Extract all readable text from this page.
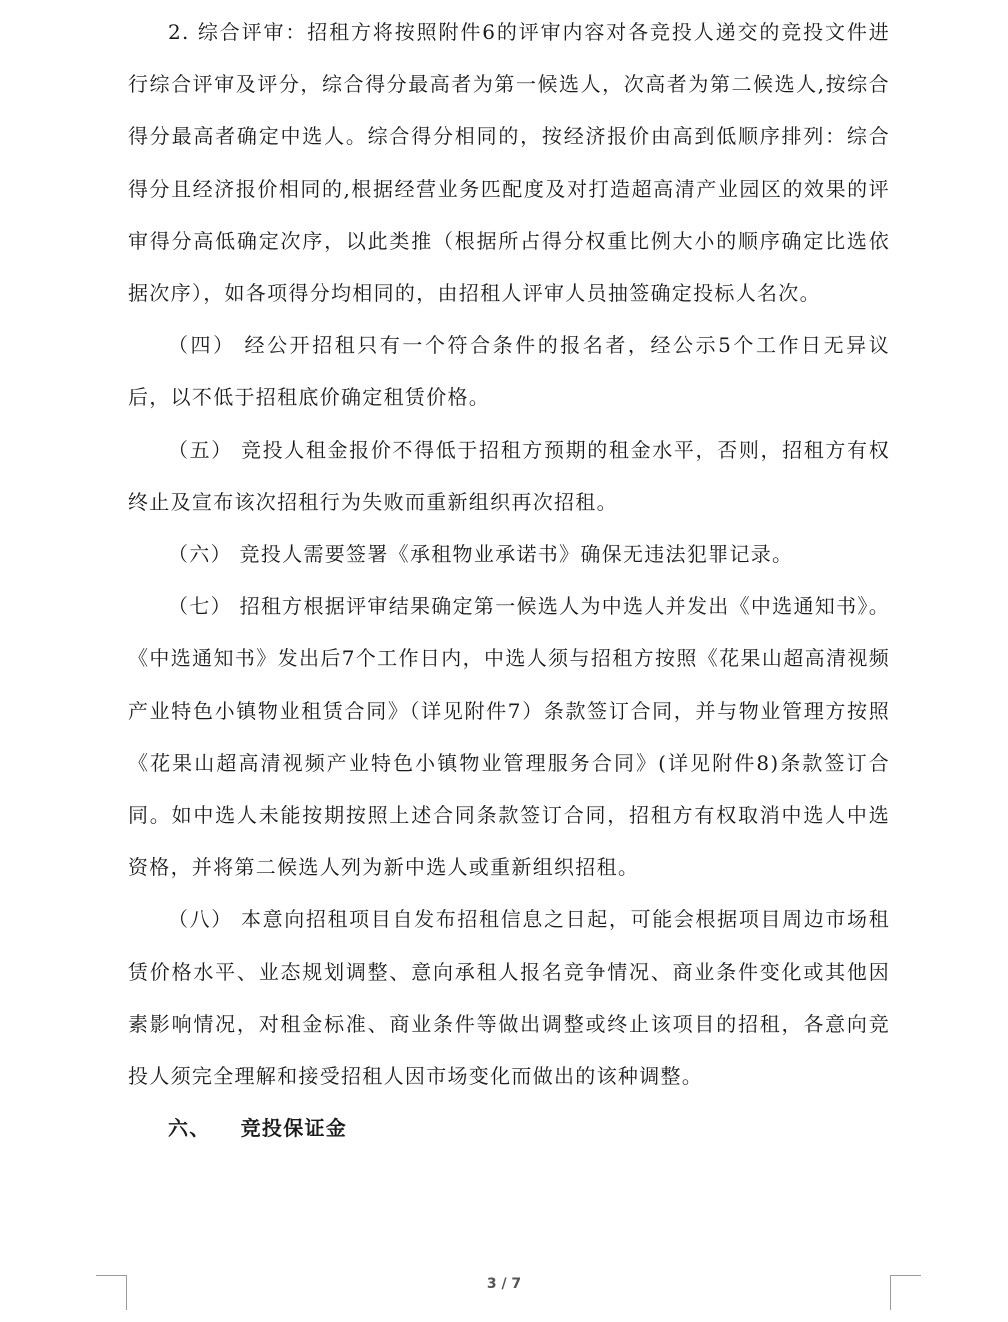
2. 综合评审：招租方将按照附件6的评审内容对各竞投人递交的竞投文件进行综合评审及评分，综合得分最高者为第一候选人，次高者为第二候选人,按综合得分最高者确定中选人。综合得分相同的，按经济报价由高到低顺序排列：综合得分且经济报价相同的,根据经营业务匹配度及对打造超高清产业园区的效果的评审得分高低确定次序，以此类推（根据所占得分权重比例大小的顺序确定比选依据次序），如各项得分均相同的，由招租人评审人员抽签确定投标人名次。

（四） 经公开招租只有一个符合条件的报名者，经公示5个工作日无异议后，以不低于招租底价确定租赁价格。

（五） 竞投人租金报价不得低于招租方预期的租金水平，否则，招租方有权终止及宣布该次招租行为失败而重新组织再次招租。

（六） 竞投人需要签署《承租物业承诺书》确保无违法犯罪记录。

（七） 招租方根据评审结果确定第一候选人为中选人并发出《中选通知书》。《中选通知书》发出后7个工作日内，中选人须与招租方按照《花果山超高清视频产业特色小镇物业租赁合同》（详见附件7）条款签订合同，并与物业管理方按照《花果山超高清视频产业特色小镇物业管理服务合同》(详见附件8)条款签订合同。如中选人未能按期按照上述合同条款签订合同，招租方有权取消中选人中选资格，并将第二候选人列为新中选人或重新组织招租。

（八） 本意向招租项目自发布招租信息之日起，可能会根据项目周边市场租赁价格水平、业态规划调整、意向承租人报名竞争情况、商业条件变化或其他因素影响情况，对租金标准、商业条件等做出调整或终止该项目的招租，各意向竞投人须完全理解和接受招租人因市场变化而做出的该种调整。

六、 竞投保证金

3 / 7
